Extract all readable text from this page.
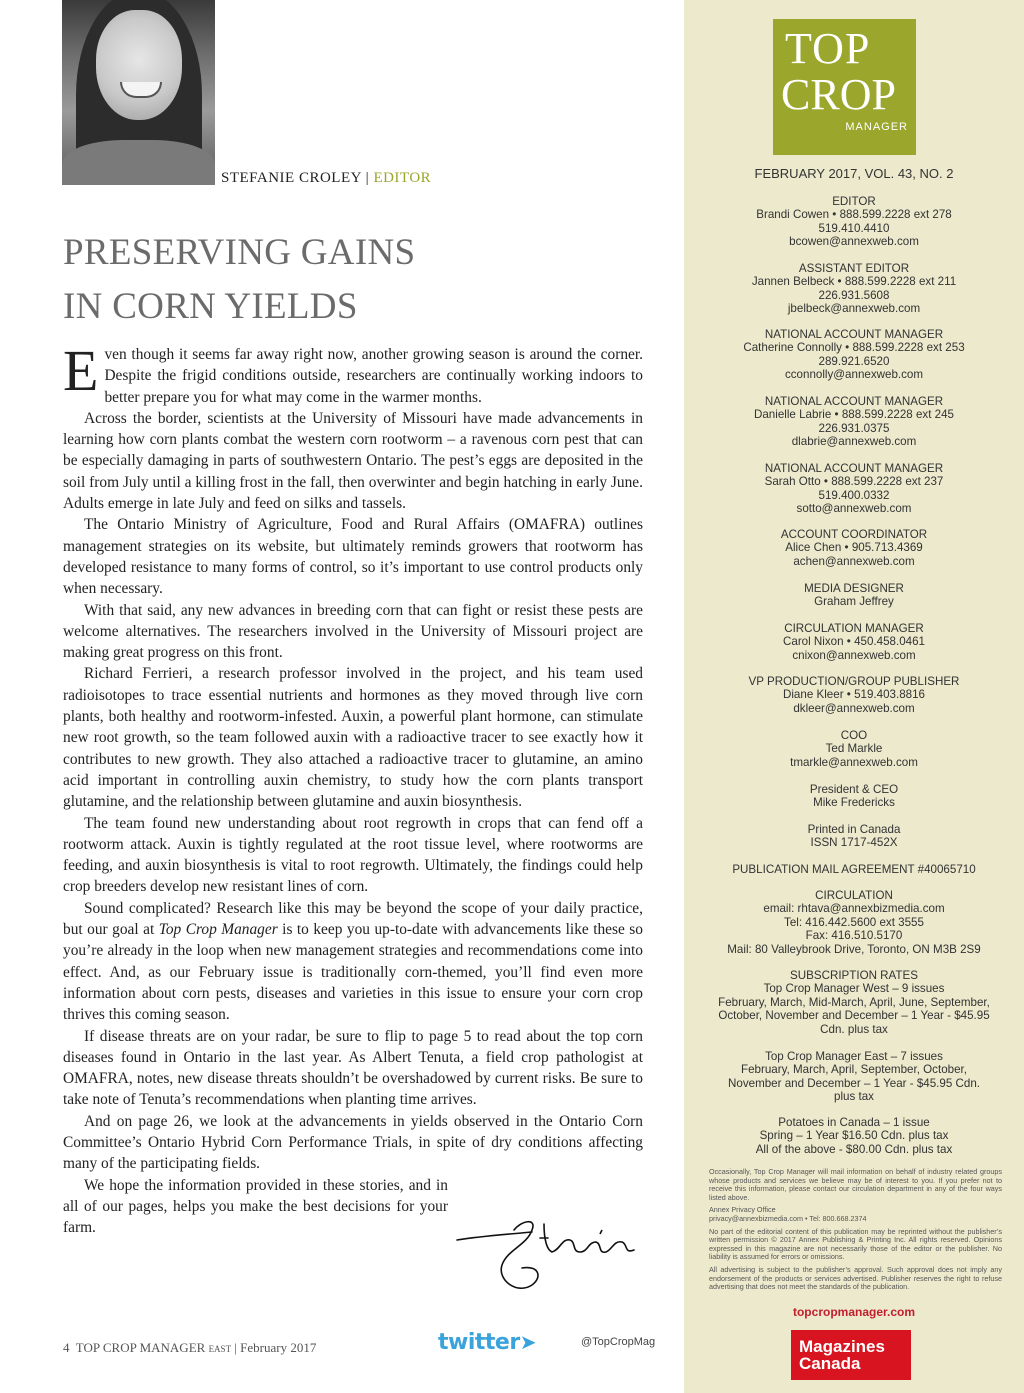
STEFANIE CROLEY | EDITOR
PRESERVING GAINS
IN CORN YIELDS

Even though it seems far away right now, another growing season is around the corner. Despite the frigid conditions outside, researchers are continually working indoors to better prepare you for what may come in the warmer months.

Across the border, scientists at the University of Missouri have made advancements in learning how corn plants combat the western corn rootworm – a ravenous corn pest that can be especially damaging in parts of southwestern Ontario. The pest’s eggs are deposited in the soil from July until a killing frost in the fall, then overwinter and begin hatching in early June. Adults emerge in late July and feed on silks and tassels.

The Ontario Ministry of Agriculture, Food and Rural Affairs (OMAFRA) outlines management strategies on its website, but ultimately reminds growers that rootworm has developed resistance to many forms of control, so it’s important to use control products only when necessary.

With that said, any new advances in breeding corn that can fight or resist these pests are welcome alternatives. The researchers involved in the University of Missouri project are making great progress on this front.

Richard Ferrieri, a research professor involved in the project, and his team used radioisotopes to trace essential nutrients and hormones as they moved through live corn plants, both healthy and rootworm-infested. Auxin, a powerful plant hormone, can stimulate new root growth, so the team followed auxin with a radioactive tracer to see exactly how it contributes to new growth. They also attached a radioactive tracer to glutamine, an amino acid important in controlling auxin chemistry, to study how the corn plants transport glutamine, and the relationship between glutamine and auxin biosynthesis.

The team found new understanding about root regrowth in crops that can fend off a rootworm attack. Auxin is tightly regulated at the root tissue level, where rootworms are feeding, and auxin biosynthesis is vital to root regrowth. Ultimately, the findings could help crop breeders develop new resistant lines of corn.

Sound complicated? Research like this may be beyond the scope of your daily practice, but our goal at Top Crop Manager is to keep you up-to-date with advancements like these so you’re already in the loop when new management strategies and recommendations come into effect. And, as our February issue is traditionally corn-themed, you’ll find even more information about corn pests, diseases and varieties in this issue to ensure your corn crop thrives this coming season.

If disease threats are on your radar, be sure to flip to page 5 to read about the top corn diseases found in Ontario in the last year. As Albert Tenuta, a field crop pathologist at OMAFRA, notes, new disease threats shouldn’t be overshadowed by current risks. Be sure to take note of Tenuta’s recommendations when planting time arrives.

And on page 26, we look at the advancements in yields observed in the Ontario Corn Committee’s Ontario Hybrid Corn Performance Trials, in spite of dry conditions affecting many of the participating fields.

We hope the information provided in these stories, and in all of our pages, helps you make the best decisions for your farm.

4 TOP CROP MANAGER EAST | February 2017	twitter➤	@TopCropMag
TOP
CROP
MANAGER
FEBRUARY 2017, VOL. 43, NO. 2
EDITOR
Brandi Cowen • 888.599.2228 ext 278
519.410.4410
bcowen@annexweb.com
ASSISTANT EDITOR
Jannen Belbeck • 888.599.2228 ext 211
226.931.5608
jbelbeck@annexweb.com
NATIONAL ACCOUNT MANAGER
Catherine Connolly • 888.599.2228 ext 253
289.921.6520
cconnolly@annexweb.com
NATIONAL ACCOUNT MANAGER
Danielle Labrie • 888.599.2228 ext 245
226.931.0375
dlabrie@annexweb.com
NATIONAL ACCOUNT MANAGER
Sarah Otto • 888.599.2228 ext 237
519.400.0332
sotto@annexweb.com
ACCOUNT COORDINATOR
Alice Chen • 905.713.4369
achen@annexweb.com
MEDIA DESIGNER
Graham Jeffrey
CIRCULATION MANAGER
Carol Nixon • 450.458.0461
cnixon@annexweb.com
VP PRODUCTION/GROUP PUBLISHER
Diane Kleer • 519.403.8816
dkleer@annexweb.com
COO
Ted Markle
tmarkle@annexweb.com
President & CEO
Mike Fredericks
Printed in Canada
ISSN 1717-452X
PUBLICATION MAIL AGREEMENT #40065710
CIRCULATION
email: rhtava@annexbizmedia.com
Tel: 416.442.5600 ext 3555
Fax: 416.510.5170
Mail: 80 Valleybrook Drive, Toronto, ON M3B 2S9
SUBSCRIPTION RATES
Top Crop Manager West – 9 issues
February, March, Mid-March, April, June, September,
October, November and December – 1 Year - $45.95
Cdn. plus tax
Top Crop Manager East – 7 issues
February, March, April, September, October,
November and December – 1 Year - $45.95 Cdn.
plus tax
Potatoes in Canada – 1 issue
Spring – 1 Year $16.50 Cdn. plus tax
All of the above - $80.00 Cdn. plus tax

Occasionally, Top Crop Manager will mail information on behalf of industry related groups whose products and services we believe may be of interest to you. If you prefer not to receive this information, please contact our circulation department in any of the four ways listed above.

Annex Privacy Office
privacy@annexbizmedia.com • Tel: 800.668.2374

No part of the editorial content of this publication may be reprinted without the publisher’s written permission © 2017 Annex Publishing & Printing Inc. All rights reserved. Opinions expressed in this magazine are not necessarily those of the editor or the publisher. No liability is assumed for errors or omissions.

All advertising is subject to the publisher’s approval. Such approval does not imply any endorsement of the products or services advertised. Publisher reserves the right to refuse advertising that does not meet the standards of the publication.

topcropmanager.com
Magazines
Canada
